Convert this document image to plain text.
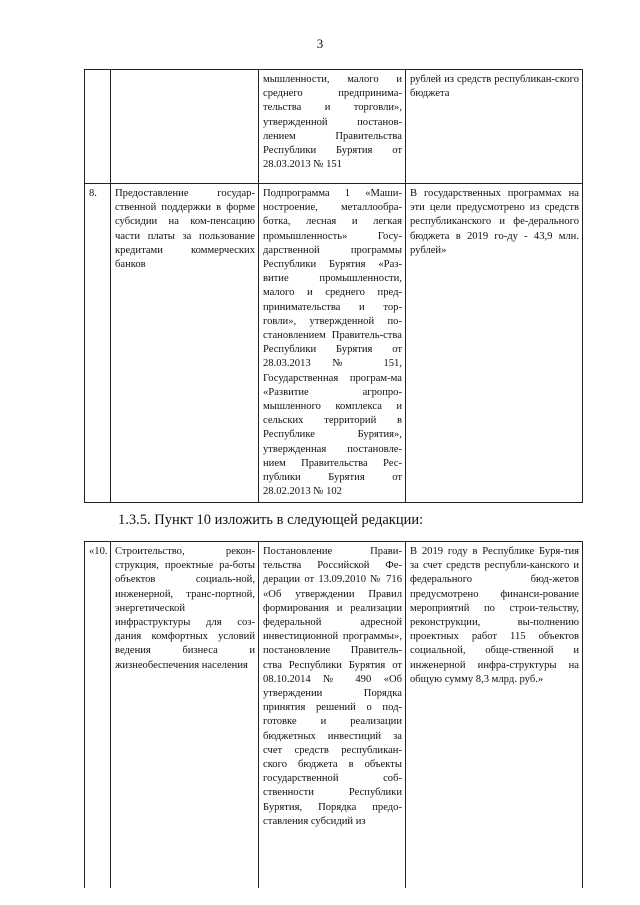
3
		мышленности, малого и среднего предпринима-тельства и торговли», утвержденной постанов-лением Правительства Республики Бурятия от 28.03.2013 № 151	рублей из средств республикан-ского бюджета
8.	Предоставление государ-ственной поддержки в форме субсидии на ком-пенсацию части платы за пользование кредитами коммерческих банков	Подпрограмма 1 «Маши-ностроение, металлообра-ботка, лесная и легкая промышленность» Госу-дарственной программы Республики Бурятия «Раз-витие промышленности, малого и среднего пред-принимательства и тор-говли», утвержденной по-становлением Правитель-ства Республики Бурятия от 28.03.2013 № 151, Государственная програм-ма «Развитие агропро-мышленного комплекса и сельских территорий в Республике Бурятия», утвержденная постановле-нием Правительства Рес-публики Бурятия от 28.02.2013 № 102	В государственных программах на эти цели предусмотрено из средств республиканского и фе-дерального бюджета в 2019 го-ду - 43,9 млн. рублей»
1.3.5. Пункт 10 изложить в следующей редакции:
«10.	Строительство, рекон-струкция, проектные ра-боты объектов социаль-ной, инженерной, транс-портной, энергетической инфраструктуры для соз-дания комфортных условий ведения бизнеса и жизнеобеспечения населения	Постановление Прави-тельства Российской Фе-дерации от 13.09.2010 № 716 «Об утверждении Правил формирования и реализации федеральной адресной инвестиционной программы», постановление Правитель-ства Республики Бурятия от 08.10.2014 № 490 «Об утверждении Порядка принятия решений о под-готовке и реализации бюджетных инвестиций за счет средств республикан-ского бюджета в объекты государственной соб-ственности Республики Бурятия, Порядка предо-ставления субсидий из	В 2019 году в Республике Буря-тия за счет средств республи-канского и федерального бюд-жетов предусмотрено финанси-рование мероприятий по строи-тельству, реконструкции, вы-полнению проектных работ 115 объектов социальной, обще-ственной и инженерной инфра-структуры на общую сумму 8,3 млрд. руб.»
